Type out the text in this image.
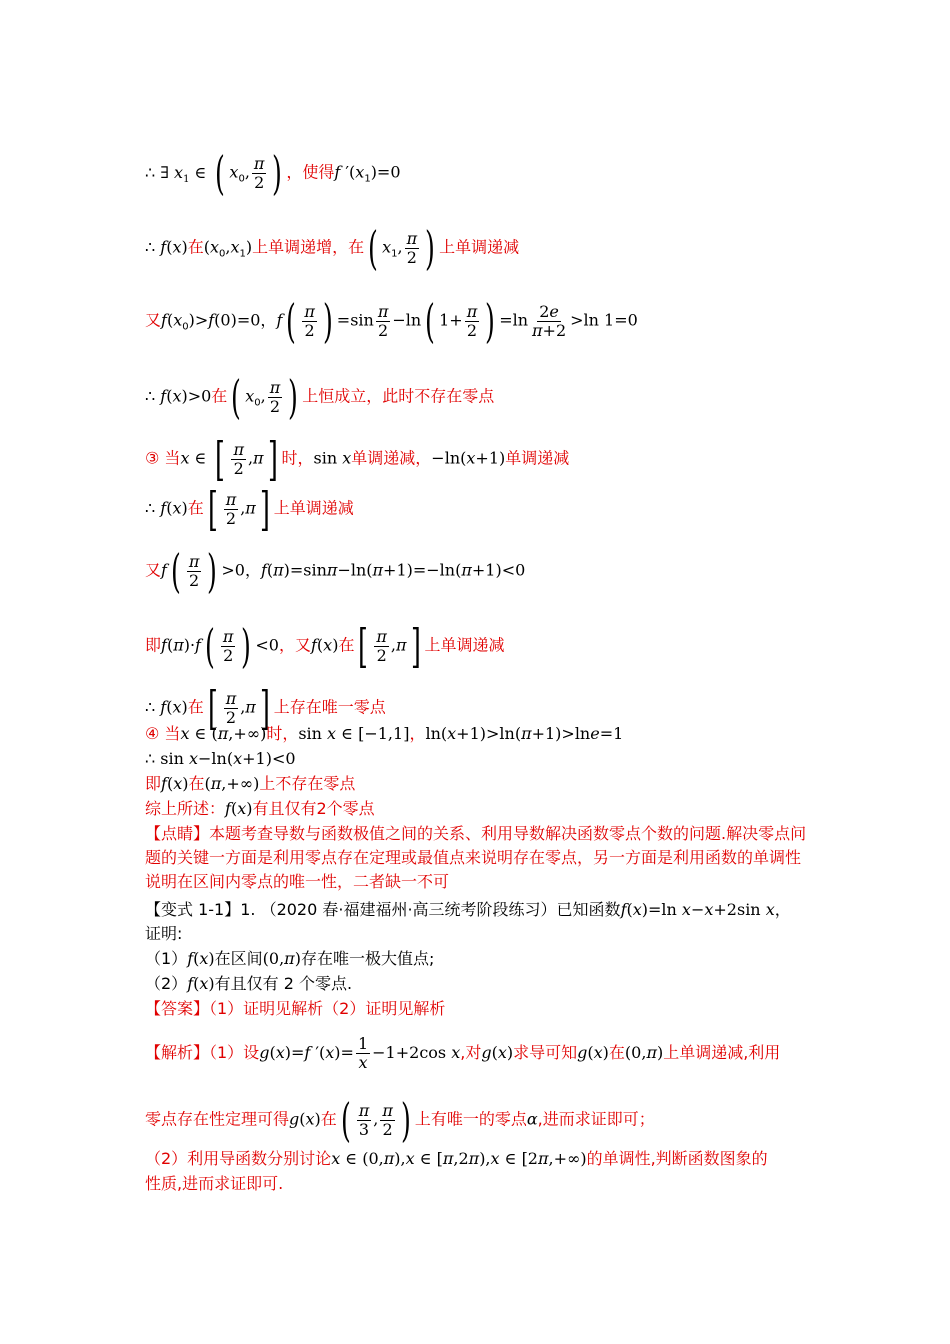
∴ ∃ $x_1$ ∈ ( $x_0$, $\frac{\pi}{2}$ ) ，使得f $'(x_1)=0$
∴ f(x)在$(x_0,x_1)$上单调递增，在( $x_1$, $\frac{\pi}{2}$ ) 上单调递减
又$f(x_0)>f(0)=0$，$f( \frac{\pi}{2}$ ) $=\sin \frac{\pi}{2} -\ln$( $1+ \frac{\pi}{2}$ ) $=\ln \frac{2e}{\pi+2} >\ln$ 1=0
∴ f(x)>0在( $x_0$, $\frac{\pi}{2}$ ) 上恒成立，此时不存在零点
③ 当x ∈ [ $\frac{\pi}{2} ,\pi$] 时，sin x单调递减，−ln(x+1)单调递减
∴ f(x)在[ $\frac{\pi}{2} ,\pi$] 上单调递减
又$f( \frac{\pi}{2}$ ) >0，f(π)=sinπ−ln(π+1)=−ln(π+1)<0
即$f(\pi)\cdot f( \frac{\pi}{2}$ ) <0，又f(x)在[ $\frac{\pi}{2} ,\pi$] 上单调递减
∴ f(x)在[ $\frac{\pi}{2} ,\pi$] 上存在唯一零点
④ 当x ∈ (π,+∞)时，sin x ∈ [−1,1]，ln(x+1)>ln(π+1)>lne=1
∴ sin x−ln(x+1)<0
即f(x)在(π,+∞)上不存在零点
综上所述：f(x)有且仅有2个零点
【点睛】本题考查导数与函数极值之间的关系、利用导数解决函数零点个数的问题.解决零点问题的关键一方面是利用零点存在定理或最值点来说明存在零点，另一方面是利用函数的单调性说明在区间内零点的唯一性，二者缺一不可
【变式 1-1】1. （2020 春·福建福州·高三统考阶段练习）已知函数f(x)=ln x−x+2sin x，
证明:
（1）f(x)在区间(0,π)存在唯一极大值点;
（2）f(x)有且仅有 2 个零点.
【答案】（1）证明见解析（2）证明见解析
【解析】（1）设g(x)=f $'(x)= \frac{1}{x} -1+2\cos$ x,对g(x)求导可知g(x)在(0,π)上单调递减,利用
零点存在性定理可得g(x)在( $\frac{\pi}{3}$ , $\frac{\pi}{2}$ ) 上有唯一的零点α,进而求证即可；
（2）利用导函数分别讨论x ∈ (0,π),x ∈ [π,2π),x ∈ [2π,+∞)的单调性,判断函数图象的
性质,进而求证即可.
